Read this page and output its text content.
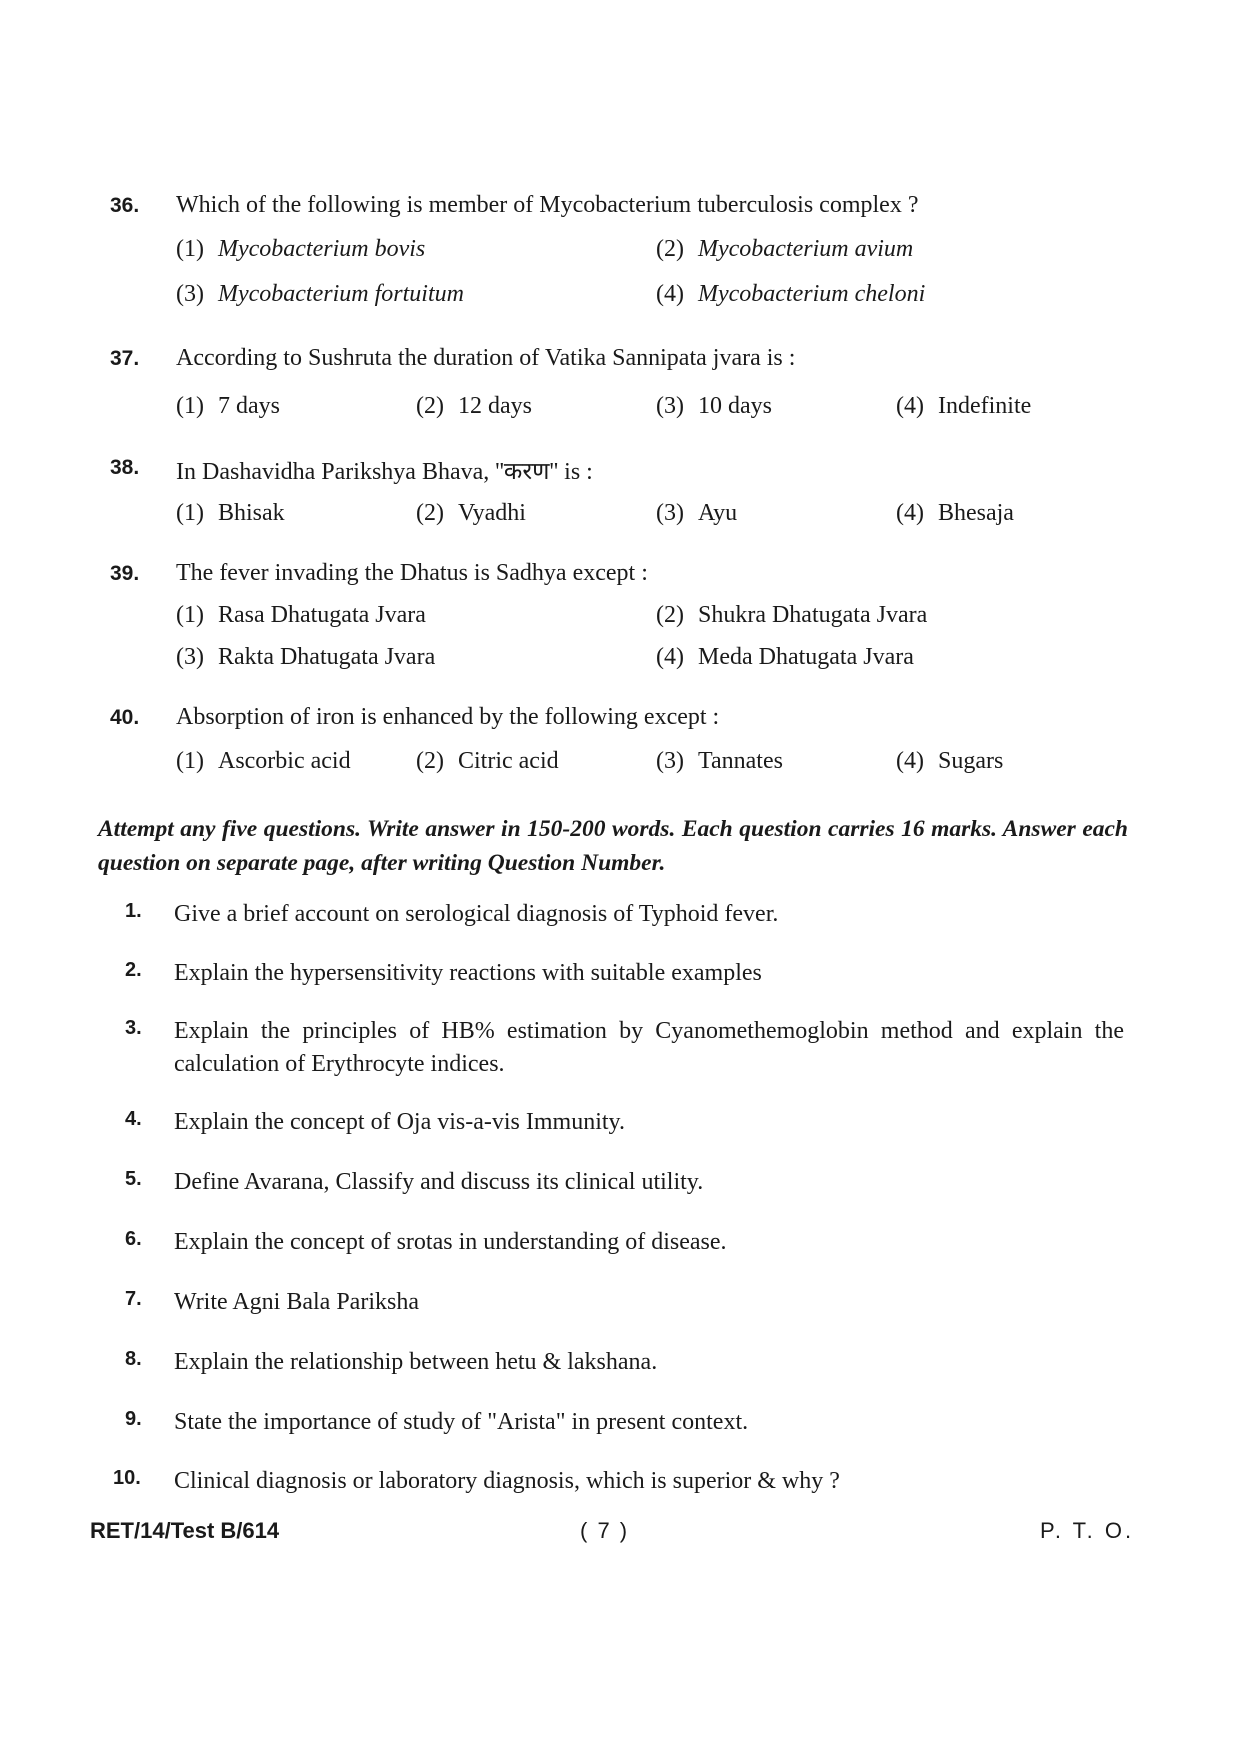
36. Which of the following is member of Mycobacterium tuberculosis complex ?
(1) Mycobacterium bovis	(2) Mycobacterium avium
(3) Mycobacterium fortuitum	(4) Mycobacterium cheloni
37. According to Sushruta the duration of Vatika Sannipata jvara is :
(1) 7 days	(2) 12 days	(3) 10 days	(4) Indefinite
38. In Dashavidha Parikshya Bhava, ''करण'' is :
(1) Bhisak	(2) Vyadhi	(3) Ayu	(4) Bhesaja
39. The fever invading the Dhatus is Sadhya except :
(1) Rasa Dhatugata Jvara	(2) Shukra Dhatugata Jvara
(3) Rakta Dhatugata Jvara	(4) Meda Dhatugata Jvara
40. Absorption of iron is enhanced by the following except :
(1) Ascorbic acid	(2) Citric acid	(3) Tannates	(4) Sugars
Attempt any five questions. Write answer in 150-200 words. Each question carries 16 marks. Answer each question on separate page, after writing Question Number.
1. Give a brief account on serological diagnosis of Typhoid fever.
2. Explain the hypersensitivity reactions with suitable examples
3. Explain the principles of HB% estimation by Cyanomethemoglobin method and explain the calculation of Erythrocyte indices.
4. Explain the concept of Oja vis-a-vis Immunity.
5. Define Avarana, Classify and discuss its clinical utility.
6. Explain the concept of srotas in understanding of disease.
7. Write Agni Bala Pariksha
8. Explain the relationship between hetu & lakshana.
9. State the importance of study of "Arista" in present context.
10. Clinical diagnosis or laboratory diagnosis, which is superior & why ?
RET/14/Test B/614	( 7 )	P. T. O.
